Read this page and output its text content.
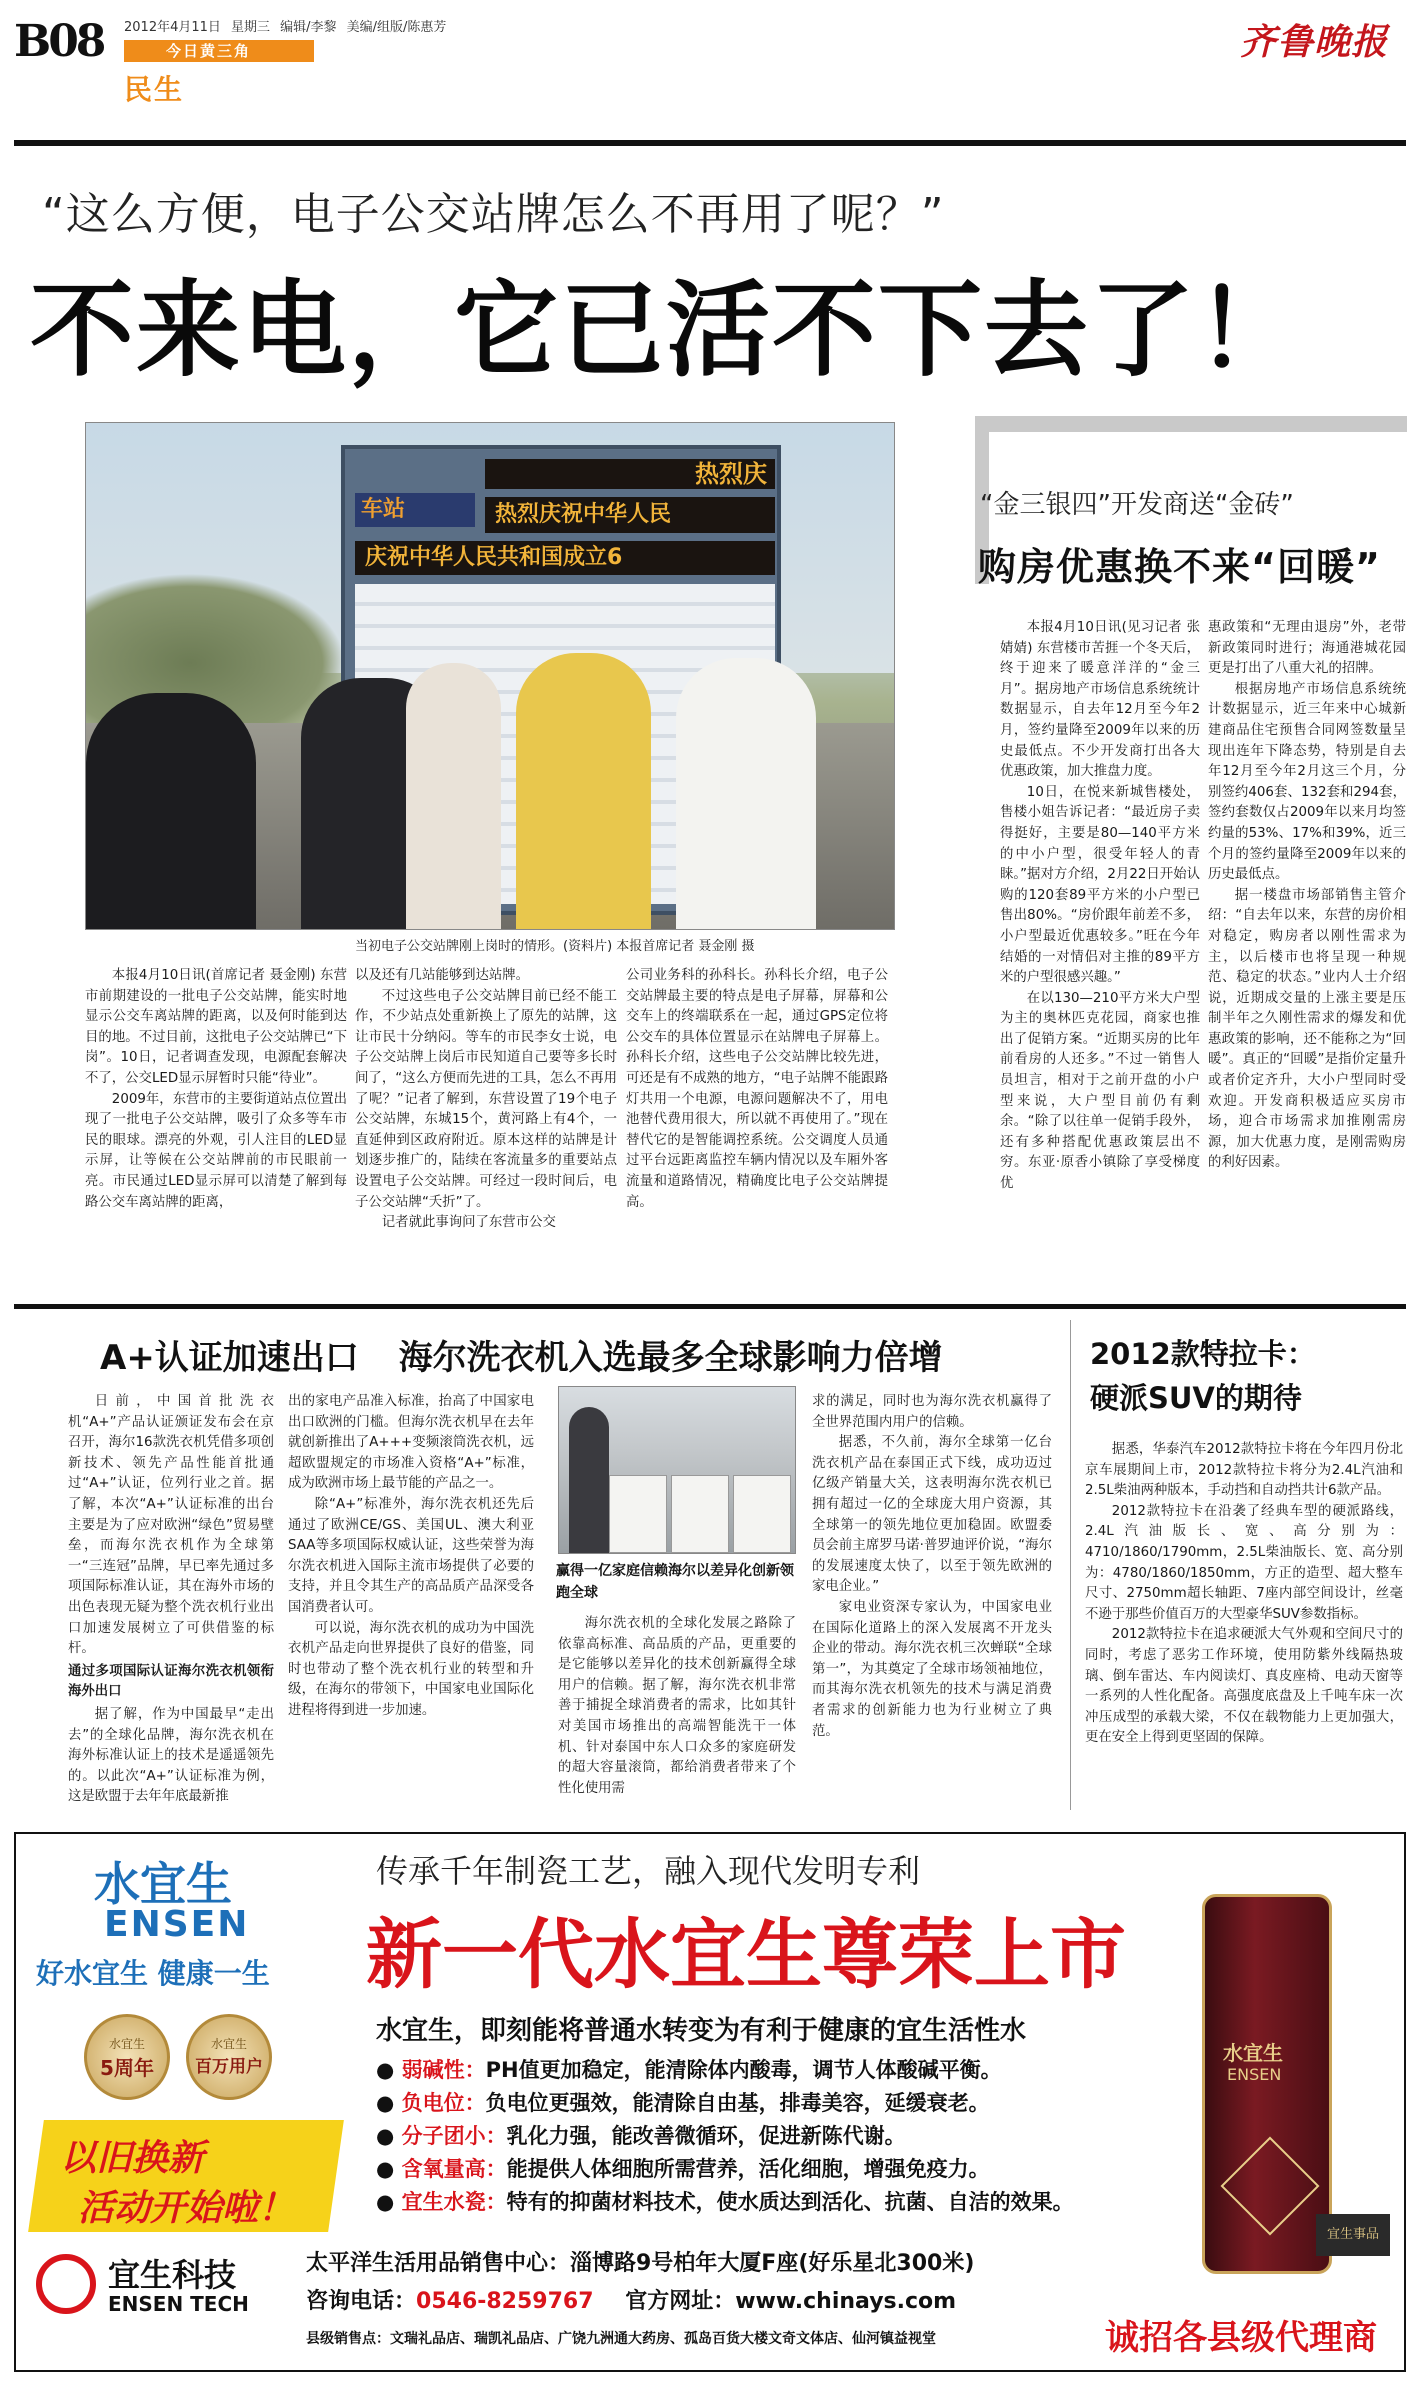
B08 2012年4月11日 星期三 编辑/李黎 美编/组版/陈惠芳
今日黄三角
民生
齐鲁晚报
“这么方便，电子公交站牌怎么不再用了呢？”
不来电，它已活不下去了！
热烈庆
车站	热烈庆祝中华人民
庆祝中华人民共和国成立6
当初电子公交站牌刚上岗时的情形。(资料片) 本报首席记者 聂金刚 摄

本报4月10日讯(首席记者 聂金刚) 东营市前期建设的一批电子公交站牌，能实时地显示公交车离站牌的距离，以及何时能到达目的地。不过目前，这批电子公交站牌已“下岗”。10日，记者调查发现，电源配套解决不了，公交LED显示屏暂时只能“待业”。

2009年，东营市的主要街道站点位置出现了一批电子公交站牌，吸引了众多等车市民的眼球。漂亮的外观，引人注目的LED显示屏，让等候在公交站牌前的市民眼前一亮。市民通过LED显示屏可以清楚了解到每路公交车离站牌的距离，

以及还有几站能够到达站牌。

不过这些电子公交站牌目前已经不能工作，不少站点处重新换上了原先的站牌，这让市民十分纳闷。等车的市民李女士说，电子公交站牌上岗后市民知道自己要等多长时间了，“这么方便而先进的工具，怎么不再用了呢？”记者了解到，东营设置了19个电子公交站牌，东城15个，黄河路上有4个，一直延伸到区政府附近。原本这样的站牌是计划逐步推广的，陆续在客流量多的重要站点设置电子公交站牌。可经过一段时间后，电子公交站牌“夭折”了。

记者就此事询问了东营市公交

公司业务科的孙科长。孙科长介绍，电子公交站牌最主要的特点是电子屏幕，屏幕和公交车上的终端联系在一起，通过GPS定位将公交车的具体位置显示在站牌电子屏幕上。孙科长介绍，这些电子公交站牌比较先进，可还是有不成熟的地方，“电子站牌不能跟路灯共用一个电源，电源问题解决不了，用电池替代费用很大，所以就不再使用了。”现在替代它的是智能调控系统。公交调度人员通过平台远距离监控车辆内情况以及车厢外客流量和道路情况，精确度比电子公交站牌提高。

“金三银四”开发商送“金砖”
购房优惠换不来“回暖”

本报4月10日讯(见习记者 张婧婧) 东营楼市苦捱一个冬天后，终于迎来了暖意洋洋的“金三月”。据房地产市场信息系统统计数据显示，自去年12月至今年2月，签约量降至2009年以来的历史最低点。不少开发商打出各大优惠政策，加大推盘力度。

10日，在悦来新城售楼处，售楼小姐告诉记者：“最近房子卖得挺好，主要是80—140平方米的中小户型，很受年轻人的青睐。”据对方介绍，2月22日开始认购的120套89平方米的小户型已售出80%。“房价跟年前差不多，小户型最近优惠较多。”旺在今年结婚的一对情侣对主推的89平方米的户型很感兴趣。”

在以130—210平方米大户型为主的奥林匹克花园，商家也推出了促销方案。“近期买房的比年前看房的人还多。”不过一销售人员坦言，相对于之前开盘的小户型来说，大户型目前仍有剩余。“除了以往单一促销手段外，还有多种搭配优惠政策层出不穷。东亚·原香小镇除了享受梯度优

惠政策和“无理由退房”外，老带新政策同时进行；海通港城花园更是打出了八重大礼的招牌。

根据房地产市场信息系统统计数据显示，近三年来中心城新建商品住宅预售合同网签数量呈现出连年下降态势，特别是自去年12月至今年2月这三个月，分别签约406套、132套和294套，签约套数仅占2009年以来月均签约量的53%、17%和39%，近三个月的签约量降至2009年以来的历史最低点。

据一楼盘市场部销售主管介绍：“自去年以来，东营的房价相对稳定，购房者以刚性需求为主，以后楼市也将呈现一种规范、稳定的状态。”业内人士介绍说，近期成交量的上涨主要是压制半年之久刚性需求的爆发和优惠政策的影响，还不能称之为“回暖”。真正的“回暖”是指价定量升或者价定齐升，大小户型同时受欢迎。开发商积极适应买房市场，迎合市场需求加推刚需房源，加大优惠力度，是刚需购房的利好因素。

A+认证加速出口 海尔洗衣机入选最多全球影响力倍增

日前，中国首批洗衣机“A+”产品认证颁证发布会在京召开，海尔16款洗衣机凭借多项创新技术、领先产品性能首批通过“A+”认证，位列行业之首。据了解，本次“A+”认证标准的出台主要是为了应对欧洲“绿色”贸易壁垒，而海尔洗衣机作为全球第一“三连冠”品牌，早已率先通过多项国际标准认证，其在海外市场的出色表现无疑为整个洗衣机行业出口加速发展树立了可供借鉴的标杆。

通过多项国际认证海尔洗衣机领衔海外出口

据了解，作为中国最早“走出去”的全球化品牌，海尔洗衣机在海外标准认证上的技术是遥遥领先的。以此次“A+”认证标准为例，这是欧盟于去年年底最新推

出的家电产品准入标准，抬高了中国家电出口欧洲的门槛。但海尔洗衣机早在去年就创新推出了A+++变频滚筒洗衣机，远超欧盟规定的市场准入资格“A+”标准，成为欧洲市场上最节能的产品之一。

除“A+”标准外，海尔洗衣机还先后通过了欧洲CE/GS、美国UL、澳大利亚SAA等多项国际权威认证，这些荣誉为海尔洗衣机进入国际主流市场提供了必要的支持，并且令其生产的高品质产品深受各国消费者认可。

可以说，海尔洗衣机的成功为中国洗衣机产品走向世界提供了良好的借鉴，同时也带动了整个洗衣机行业的转型和升级，在海尔的带领下，中国家电业国际化进程将得到进一步加速。

赢得一亿家庭信赖海尔以差异化创新领跑全球

海尔洗衣机的全球化发展之路除了依靠高标准、高品质的产品，更重要的是它能够以差异化的技术创新赢得全球用户的信赖。据了解，海尔洗衣机非常善于捕捉全球消费者的需求，比如其针对美国市场推出的高端智能洗干一体机、针对泰国中东人口众多的家庭研发的超大容量滚筒，都给消费者带来了个性化使用需

求的满足，同时也为海尔洗衣机赢得了全世界范围内用户的信赖。

据悉，不久前，海尔全球第一亿台洗衣机产品在泰国正式下线，成功迈过亿级产销量大关，这表明海尔洗衣机已拥有超过一亿的全球庞大用户资源，其全球第一的领先地位更加稳固。欧盟委员会前主席罗马诺·普罗迪评价说，“海尔的发展速度太快了，以至于领先欧洲的家电企业。”

家电业资深专家认为，中国家电业在国际化道路上的深入发展离不开龙头企业的带动。海尔洗衣机三次蝉联“全球第一”，为其奠定了全球市场领袖地位，而其海尔洗衣机领先的技术与满足消费者需求的创新能力也为行业树立了典范。

2012款特拉卡：
硬派SUV的期待

据悉，华泰汽车2012款特拉卡将在今年四月份北京车展期间上市，2012款特拉卡将分为2.4L汽油和2.5L柴油两种版本，手动挡和自动挡共计6款产品。

2012款特拉卡在沿袭了经典车型的硬派路线，2.4L汽油版长、宽、高分别为：4710/1860/1790mm，2.5L柴油版长、宽、高分别为：4780/1860/1850mm，方正的造型、超大整车尺寸、2750mm超长轴距、7座内部空间设计，丝毫不逊于那些价值百万的大型豪华SUV参数指标。

2012款特拉卡在追求硬派大气外观和空间尺寸的同时，考虑了恶劣工作环境，使用防紫外线隔热玻璃、倒车雷达、车内阅读灯、真皮座椅、电动天窗等一系列的人性化配备。高强度底盘及上千吨车床一次冲压成型的承载大梁，不仅在载物能力上更加强大，更在安全上得到更坚固的保障。

水宜生
ENSEN
好水宜生 健康一生
水宜生
5周年
水宜生
百万用户
以旧换新
活动开始啦！
宜生科技
ENSEN TECH
传承千年制瓷工艺，融入现代发明专利
新一代水宜生尊荣上市
水宜生，即刻能将普通水转变为有利于健康的宜生活性水
● 弱碱性：PH值更加稳定，能清除体内酸毒，调节人体酸碱平衡。
● 负电位：负电位更强效，能清除自由基，排毒美容，延缓衰老。
● 分子团小：乳化力强，能改善微循环，促进新陈代谢。
● 含氧量高：能提供人体细胞所需营养，活化细胞，增强免疫力。
● 宜生水瓷：特有的抑菌材料技术，使水质达到活化、抗菌、自洁的效果。
太平洋生活用品销售中心：淄博路9号柏年大厦F座(好乐星北300米)
咨询电话：0546-8259767 官方网址：www.chinays.com
县级销售点：文瑞礼品店、瑞凯礼品店、广饶九洲通大药房、孤岛百货大楼文奇文体店、仙河镇益视堂
水宜生
ENSEN
宜生事品
诚招各县级代理商
